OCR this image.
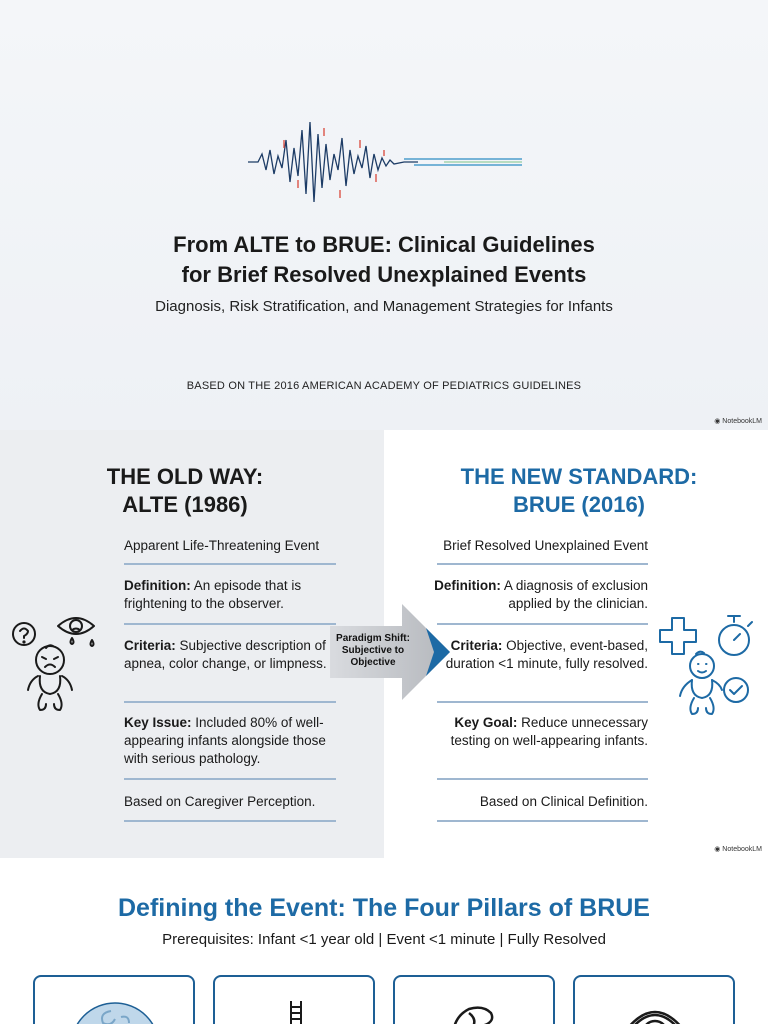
From ALTE to BRUE: Clinical Guidelines
for Brief Resolved Unexplained Events

Diagnosis, Risk Stratification, and Management Strategies for Infants

BASED ON THE 2016 AMERICAN ACADEMY OF PEDIATRICS GUIDELINES

◉ NotebookLM
THE OLD WAY:
ALTE (1986)
THE NEW STANDARD:
BRUE (2016)
Apparent Life-Threatening Event
Definition: An episode that is frightening to the observer.
Criteria: Subjective description of apnea, color change, or limpness.
Key Issue: Included 80% of well-appearing infants alongside those with serious pathology.
Based on Caregiver Perception.
Brief Resolved Unexplained Event
Definition: A diagnosis of exclusion applied by the clinician.
Criteria: Objective, event-based, duration <1 minute, fully resolved.
Key Goal: Reduce unnecessary testing on well-appearing infants.
Based on Clinical Definition.
Paradigm Shift:
Subjective to
Objective
◉ NotebookLM
Defining the Event: The Four Pillars of BRUE

Prerequisites: Infant <1 year old | Event <1 minute | Fully Resolved
